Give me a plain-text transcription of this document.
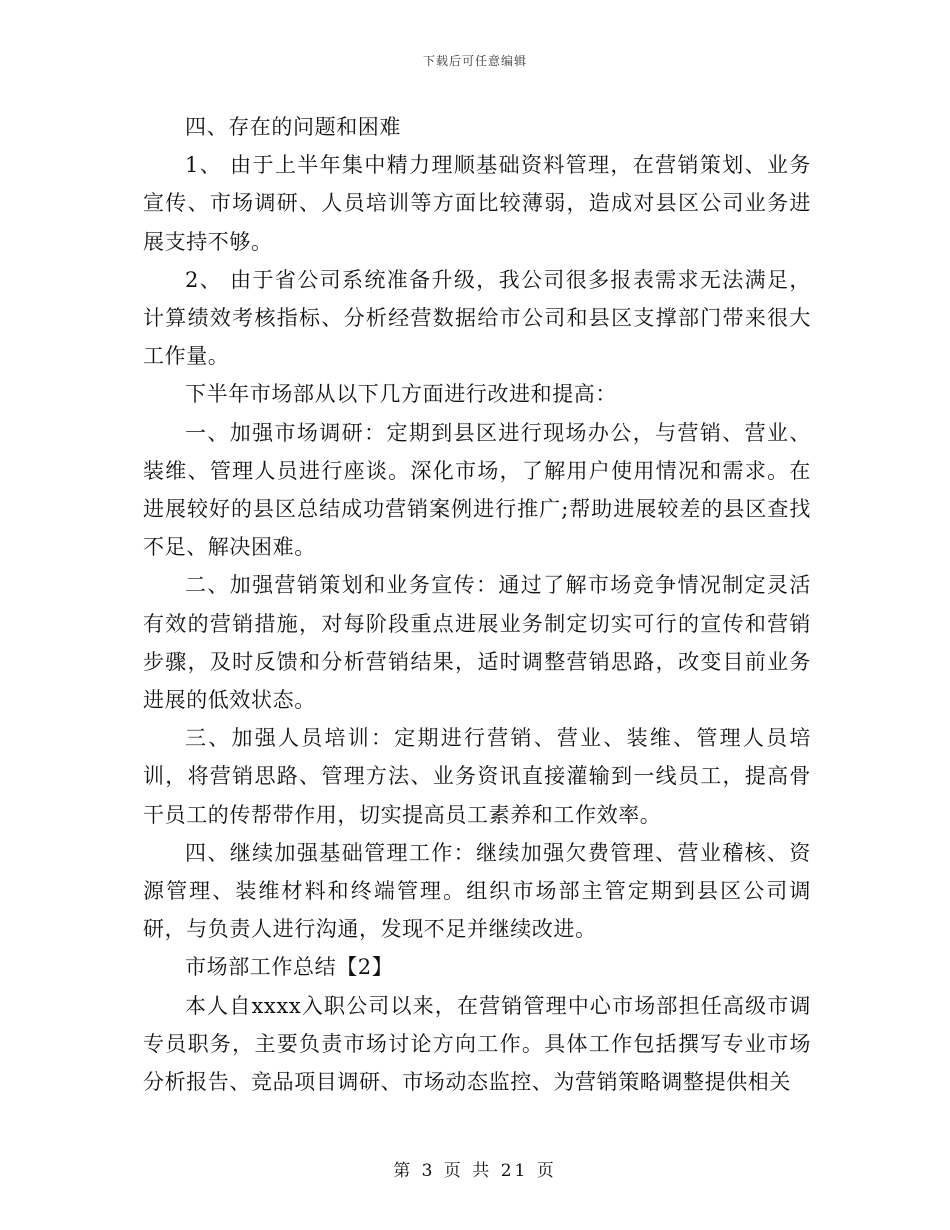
下载后可任意编辑

四、存在的问题和困难

1、 由于上半年集中精力理顺基础资料管理，在营销策划、业务宣传、市场调研、人员培训等方面比较薄弱，造成对县区公司业务进展支持不够。

2、 由于省公司系统准备升级，我公司很多报表需求无法满足，计算绩效考核指标、分析经营数据给市公司和县区支撑部门带来很大工作量。

下半年市场部从以下几方面进行改进和提高：

一、加强市场调研：定期到县区进行现场办公，与营销、营业、装维、管理人员进行座谈。深化市场，了解用户使用情况和需求。在进展较好的县区总结成功营销案例进行推广;帮助进展较差的县区查找不足、解决困难。

二、加强营销策划和业务宣传：通过了解市场竞争情况制定灵活有效的营销措施，对每阶段重点进展业务制定切实可行的宣传和营销步骤，及时反馈和分析营销结果，适时调整营销思路，改变目前业务进展的低效状态。

三、加强人员培训：定期进行营销、营业、装维、管理人员培训，将营销思路、管理方法、业务资讯直接灌输到一线员工，提高骨干员工的传帮带作用，切实提高员工素养和工作效率。

四、继续加强基础管理工作：继续加强欠费管理、营业稽核、资源管理、装维材料和终端管理。组织市场部主管定期到县区公司调研，与负责人进行沟通，发现不足并继续改进。

市场部工作总结【2】

本人自xxxx入职公司以来，在营销管理中心市场部担任高级市调专员职务，主要负责市场讨论方向工作。具体工作包括撰写专业市场分析报告、竞品项目调研、市场动态监控、为营销策略调整提供相关

第 3 页 共 21 页
